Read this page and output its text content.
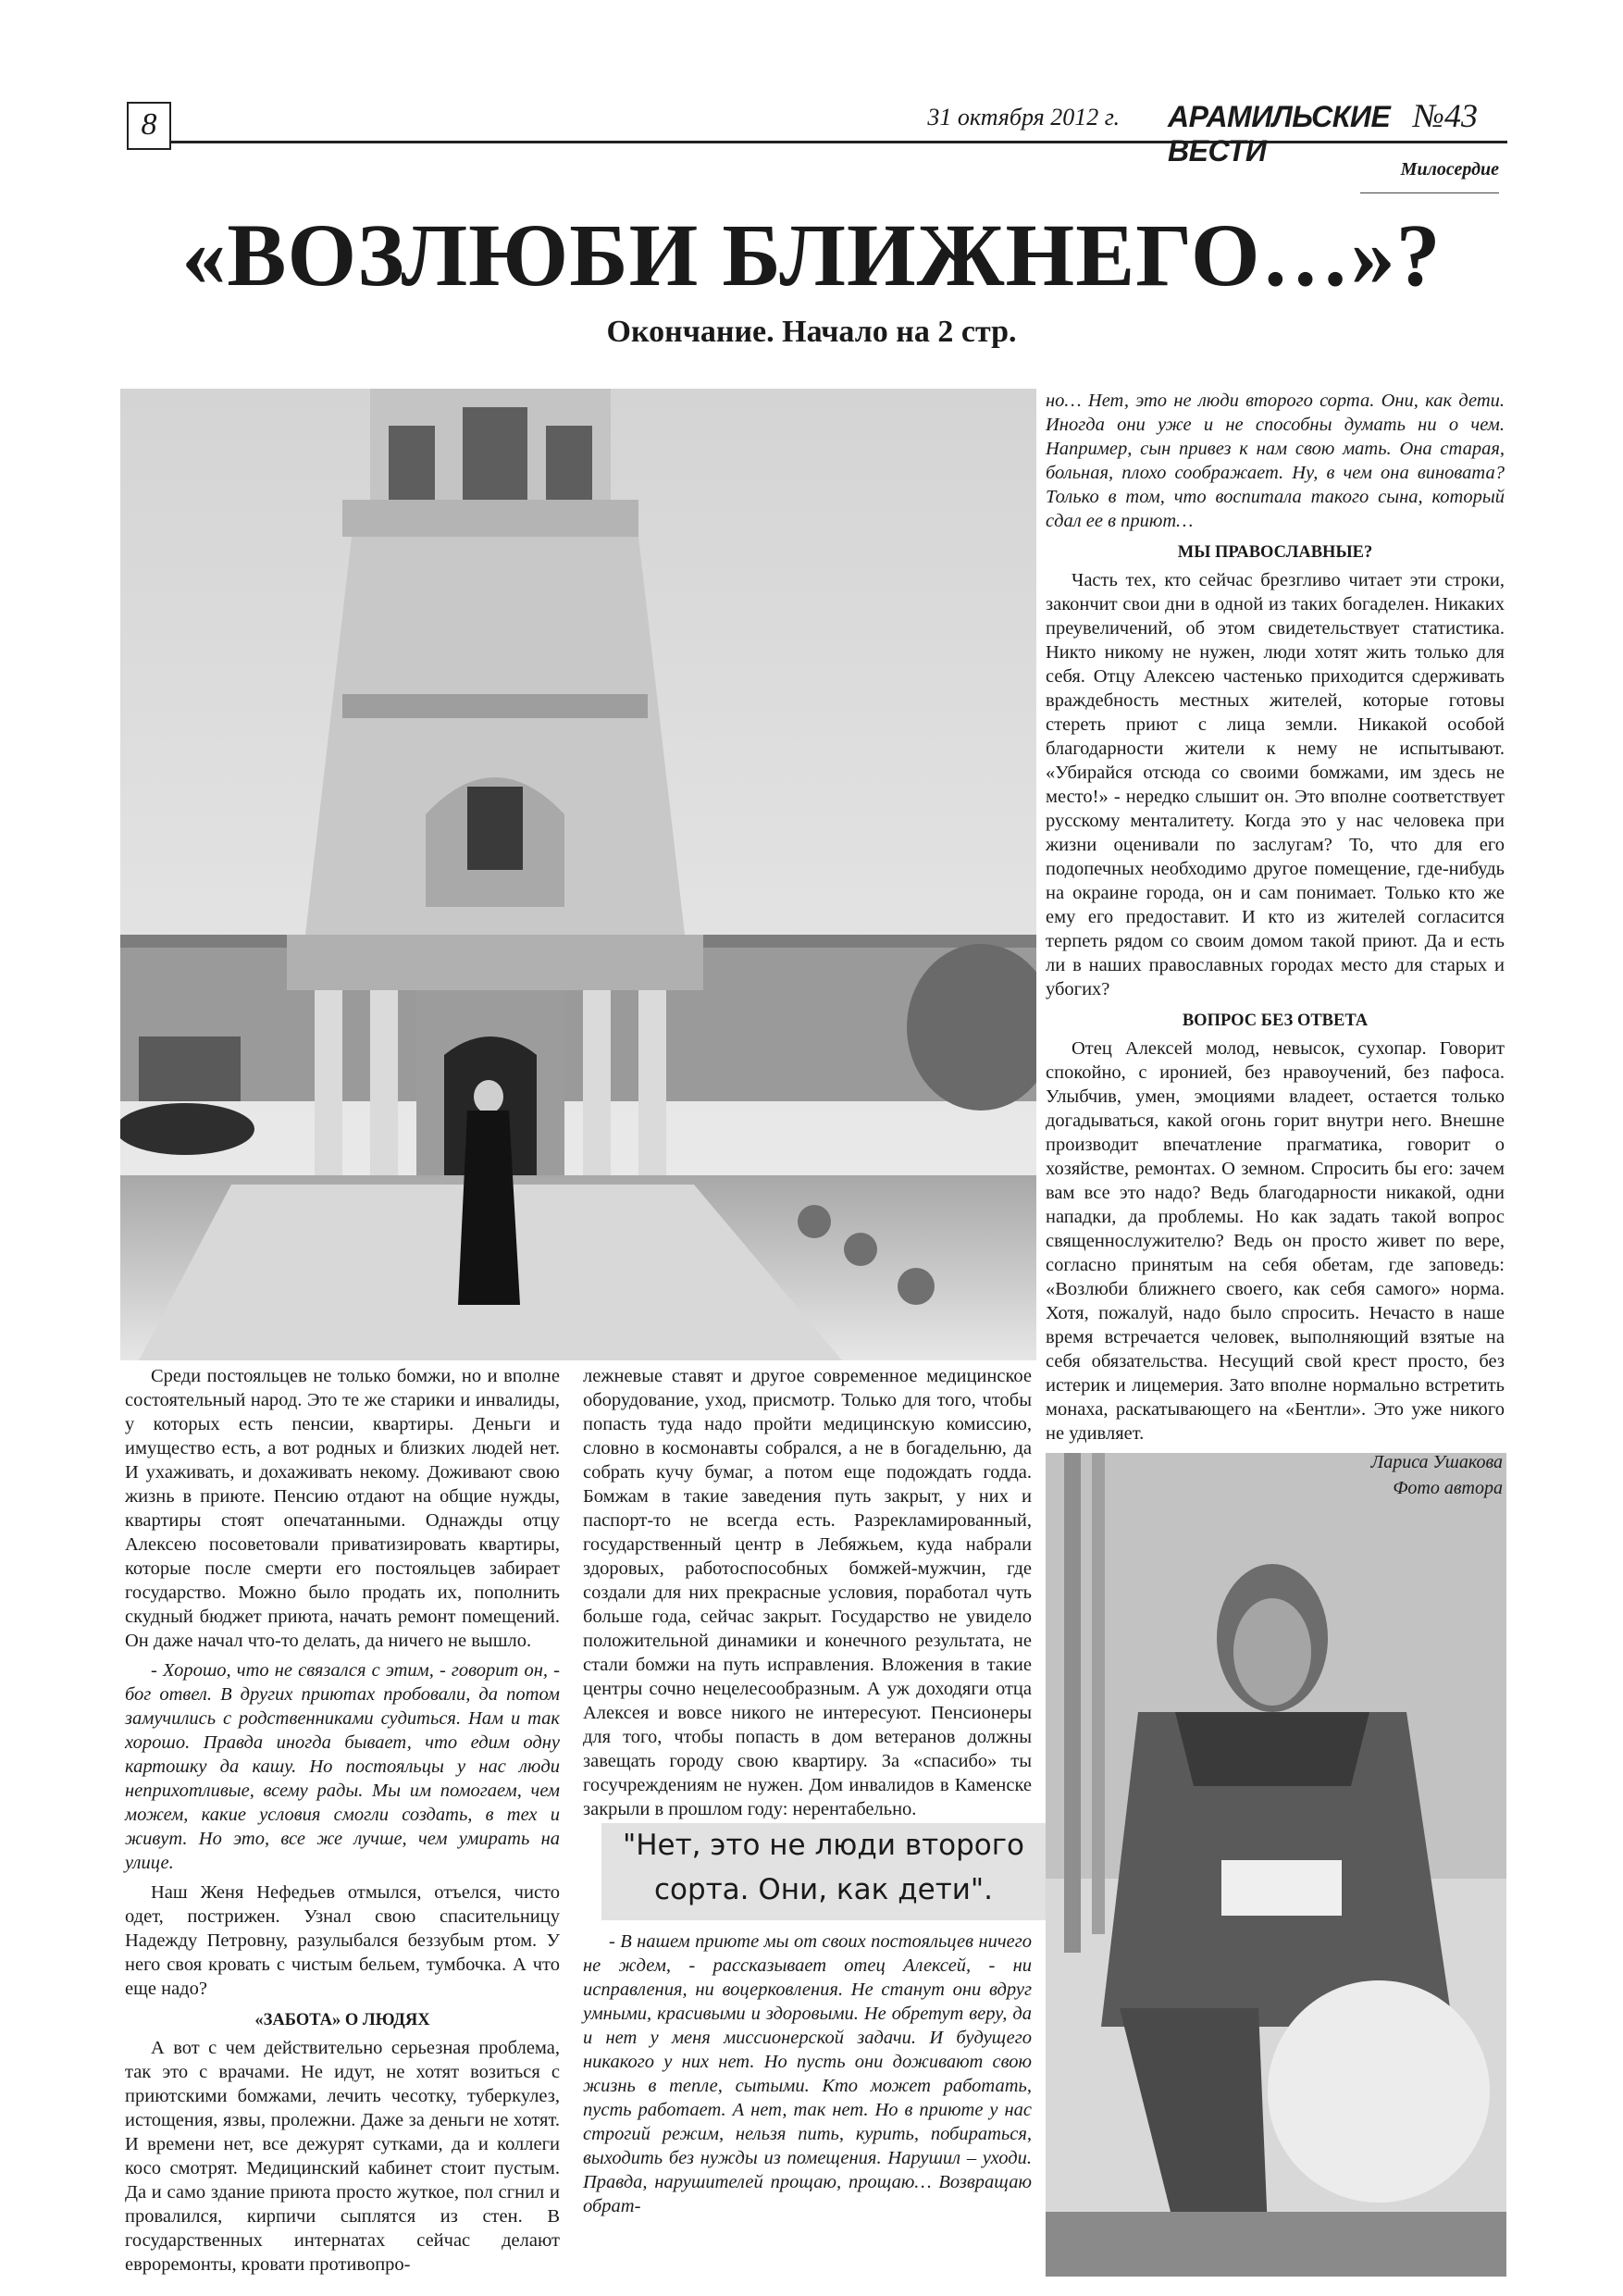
8	31 октября 2012 г. АРАМИЛЬСКИЕ ВЕСТИ
№43
Милосердие
«ВОЗЛЮБИ БЛИЖНЕГО…»?
Окончание. Начало на 2 стр.

Среди постояльцев не только бомжи, но и вполне состоятельный народ. Это те же старики и инвалиды, у которых есть пенсии, квартиры. Деньги и имущество есть, а вот родных и близких людей нет. И ухаживать, и дохаживать некому. Доживают свою жизнь в приюте. Пенсию отдают на общие нужды, квартиры стоят опечатанными. Однажды отцу Алексею посоветовали приватизировать квартиры, которые после смерти его постояльцев забирает государство. Можно было продать их, пополнить скудный бюджет приюта, начать ремонт помещений. Он даже начал что-то делать, да ничего не вышло.

- Хорошо, что не связался с этим, - говорит он, - бог отвел. В других приютах пробовали, да потом замучились с родственниками судиться. Нам и так хорошо. Правда иногда бывает, что едим одну картошку да кашу. Но постояльцы у нас люди неприхотливые, всему рады. Мы им помогаем, чем можем, какие условия смогли создать, в тех и живут. Но это, все же лучше, чем умирать на улице.

Наш Женя Нефедьев отмылся, отъелся, чисто одет, пострижен. Узнал свою спасительницу Надежду Петровну, разулыбался беззубым ртом. У него своя кровать с чистым бельем, тумбочка. А что еще надо?

«ЗАБОТА» О ЛЮДЯХ

А вот с чем действительно серьезная проблема, так это с врачами. Не идут, не хотят возиться с приютскими бомжами, лечить чесотку, туберкулез, истощения, язвы, пролежни. Даже за деньги не хотят. И времени нет, все дежурят сутками, да и коллеги косо смотрят. Медицинский кабинет стоит пустым. Да и само здание приюта просто жуткое, пол сгнил и провалился, кирпичи сыплятся из стен. В государственных интернатах сейчас делают евроремонты, кровати противопро-

лежневые ставят и другое современное медицинское оборудование, уход, присмотр. Только для того, чтобы попасть туда надо пройти медицинскую комиссию, словно в космонавты собрался, а не в богадельню, да собрать кучу бумаг, а потом еще подождать годда. Бомжам в такие заведения путь закрыт, у них и паспорт-то не всегда есть. Разрекламированный, государственный центр в Лебяжьем, куда набрали здоровых, работоспособных бомжей-мужчин, где создали для них прекрасные условия, поработал чуть больше года, сейчас закрыт. Государство не увидело положительной динамики и конечного результата, не стали бомжи на путь исправления. Вложения в такие центры сочно нецелесообразным. А уж доходяги отца Алексея и вовсе никого не интересуют. Пенсионеры для того, чтобы попасть в дом ветеранов должны завещать городу свою квартиру. За «спасибо» ты госучреждениям не нужен. Дом инвалидов в Каменске закрыли в прошлом году: нерентабельно.

"Нет, это не люди второго сорта. Они, как дети".

- В нашем приюте мы от своих постояльцев ничего не ждем, - рассказывает отец Алексей, - ни исправления, ни воцерковления. Не станут они вдруг умными, красивыми и здоровыми. Не обретут веру, да и нет у меня миссионерской задачи. И будущего никакого у них нет. Но пусть они доживают свою жизнь в тепле, сытыми. Кто может работать, пусть работает. А нет, так нет. Но в приюте у нас строгий режим, нельзя пить, курить, побираться, выходить без нужды из помещения. Нарушил – уходи. Правда, нарушителей прощаю, прощаю… Возвращаю обрат-

но… Нет, это не люди второго сорта. Они, как дети. Иногда они уже и не способны думать ни о чем. Например, сын привез к нам свою мать. Она старая, больная, плохо соображает. Ну, в чем она виновата? Только в том, что воспитала такого сына, который сдал ее в приют…

МЫ ПРАВОСЛАВНЫЕ?

Часть тех, кто сейчас брезгливо читает эти строки, закончит свои дни в одной из таких богаделен. Никаких преувеличений, об этом свидетельствует статистика. Никто никому не нужен, люди хотят жить только для себя. Отцу Алексею частенько приходится сдерживать враждебность местных жителей, которые готовы стереть приют с лица земли. Никакой особой благодарности жители к нему не испытывают. «Убирайся отсюда со своими бомжами, им здесь не место!» - нередко слышит он. Это вполне соответствует русскому менталитету. Когда это у нас человека при жизни оценивали по заслугам? То, что для его подопечных необходимо другое помещение, где-нибудь на окраине города, он и сам понимает. Только кто же ему его предоставит. И кто из жителей согласится терпеть рядом со своим домом такой приют. Да и есть ли в наших православных городах место для старых и убогих?

ВОПРОС БЕЗ ОТВЕТА

Отец Алексей молод, невысок, сухопар. Говорит спокойно, с иронией, без нравоучений, без пафоса. Улыбчив, умен, эмоциями владеет, остается только догадываться, какой огонь горит внутри него. Внешне производит впечатление прагматика, говорит о хозяйстве, ремонтах. О земном. Спросить бы его: зачем вам все это надо? Ведь благодарности никакой, одни нападки, да проблемы. Но как задать такой вопрос священнослужителю? Ведь он просто живет по вере, согласно принятым на себя обетам, где заповедь: «Возлюби ближнего своего, как себя самого» норма. Хотя, пожалуй, надо было спросить. Нечасто в наше время встречается человек, выполняющий взятые на себя обязательства. Несущий свой крест просто, без истерик и лицемерия. Зато вполне нормально встретить монаха, раскатывающего на «Бентли». Это уже никого не удивляет.

Лариса Ушакова
Фото автора
